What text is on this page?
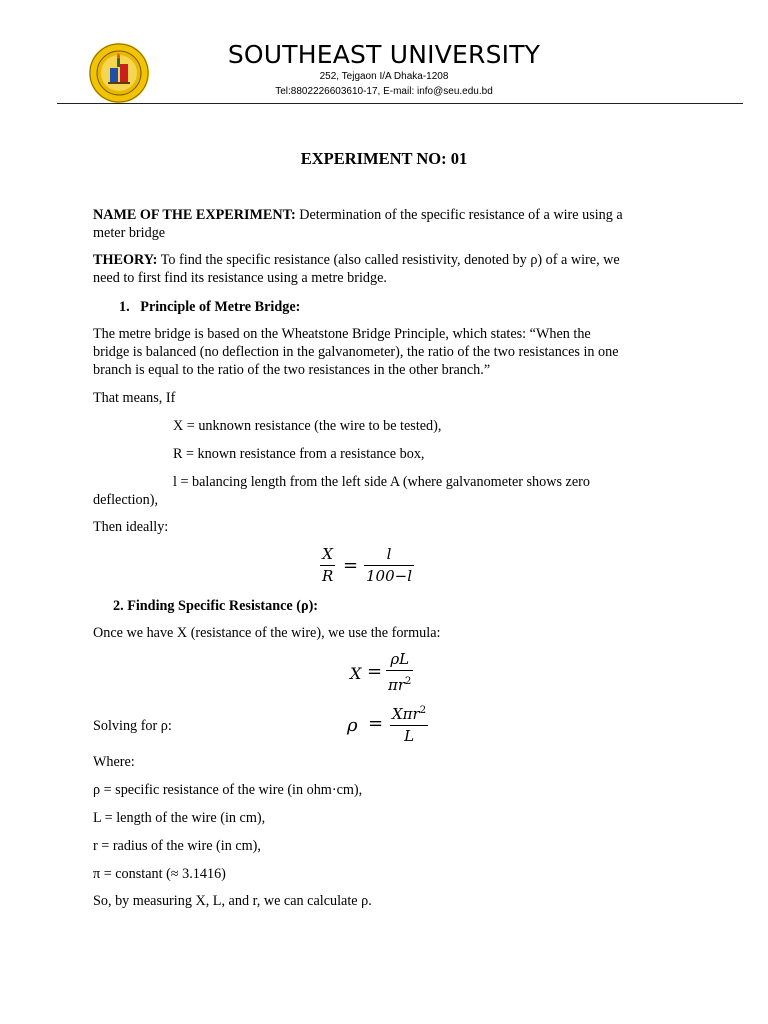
SOUTHEAST UNIVERSITY
252, Tejgaon I/A Dhaka-1208
Tel:8802226603610-17, E-mail: info@seu.edu.bd
EXPERIMENT NO: 01
NAME OF THE EXPERIMENT: Determination of the specific resistance of a wire using a
meter bridge
THEORY: To find the specific resistance (also called resistivity, denoted by ρ) of a wire, we
need to first find its resistance using a metre bridge.
1. Principle of Metre Bridge:
The metre bridge is based on the Wheatstone Bridge Principle, which states: “When the
bridge is balanced (no deflection in the galvanometer), the ratio of the two resistances in one
branch is equal to the ratio of the two resistances in the other branch.”
That means, If
X = unknown resistance (the wire to be tested),
R = known resistance from a resistance box,
l = balancing length from the left side A (where galvanometer shows zero
deflection),
Then ideally:
X
R =
l
100−l
2. Finding Specific Resistance (ρ):
Once we have X (resistance of the wire), we use the formula:
X =
ρL
$\pi r^2$
Solving for ρ:	ρ = Xπr$^2$
L
Where:
ρ = specific resistance of the wire (in ohm·cm),
L = length of the wire (in cm),
r = radius of the wire (in cm),
π = constant (≈ 3.1416)
So, by measuring X, L, and r, we can calculate ρ.
